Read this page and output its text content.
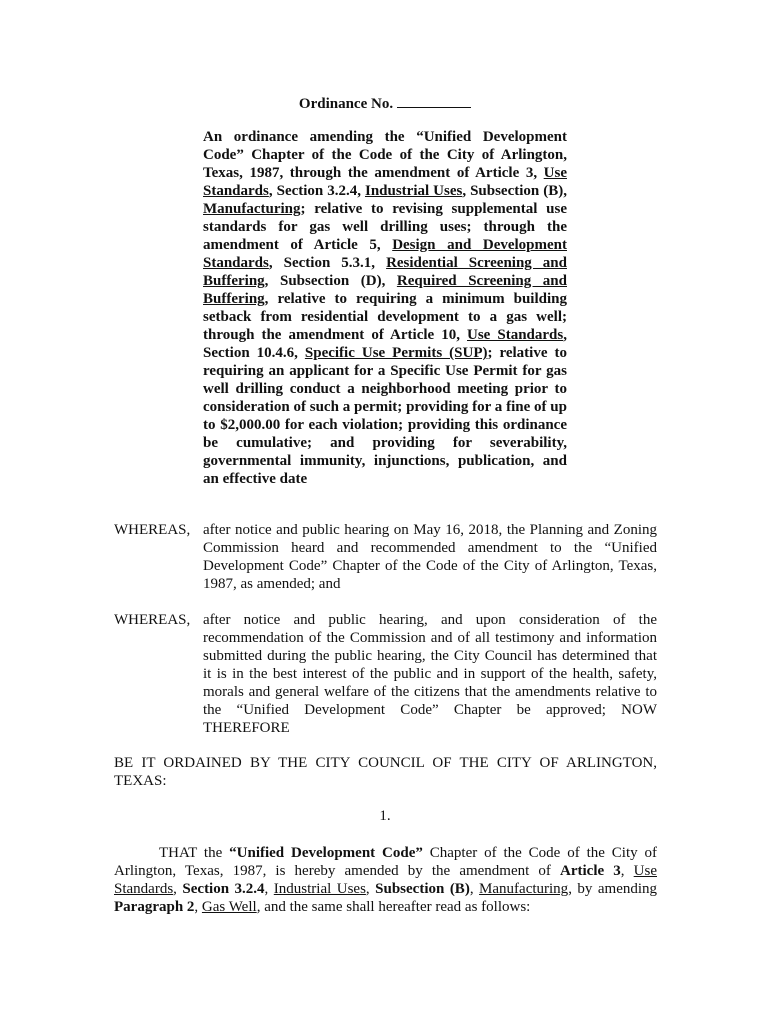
Ordinance No.
An ordinance amending the “Unified Development Code” Chapter of the Code of the City of Arlington, Texas, 1987, through the amendment of Article 3, Use Standards, Section 3.2.4, Industrial Uses, Subsection (B), Manufacturing; relative to revising supplemental use standards for gas well drilling uses; through the amendment of Article 5, Design and Development Standards, Section 5.3.1, Residential Screening and Buffering, Subsection (D), Required Screening and Buffering, relative to requiring a minimum building setback from residential development to a gas well; through the amendment of Article 10, Use Standards, Section 10.4.6, Specific Use Permits (SUP); relative to requiring an applicant for a Specific Use Permit for gas well drilling conduct a neighborhood meeting prior to consideration of such a permit; providing for a fine of up to $2,000.00 for each violation; providing this ordinance be cumulative; and providing for severability, governmental immunity, injunctions, publication, and an effective date
WHEREAS, after notice and public hearing on May 16, 2018, the Planning and Zoning Commission heard and recommended amendment to the “Unified Development Code” Chapter of the Code of the City of Arlington, Texas, 1987, as amended; and
WHEREAS, after notice and public hearing, and upon consideration of the recommendation of the Commission and of all testimony and information submitted during the public hearing, the City Council has determined that it is in the best interest of the public and in support of the health, safety, morals and general welfare of the citizens that the amendments relative to the “Unified Development Code” Chapter be approved; NOW THEREFORE
BE IT ORDAINED BY THE CITY COUNCIL OF THE CITY OF ARLINGTON, TEXAS:
1.
THAT the “Unified Development Code” Chapter of the Code of the City of Arlington, Texas, 1987, is hereby amended by the amendment of Article 3, Use Standards, Section 3.2.4, Industrial Uses, Subsection (B), Manufacturing, by amending Paragraph 2, Gas Well, and the same shall hereafter read as follows:
